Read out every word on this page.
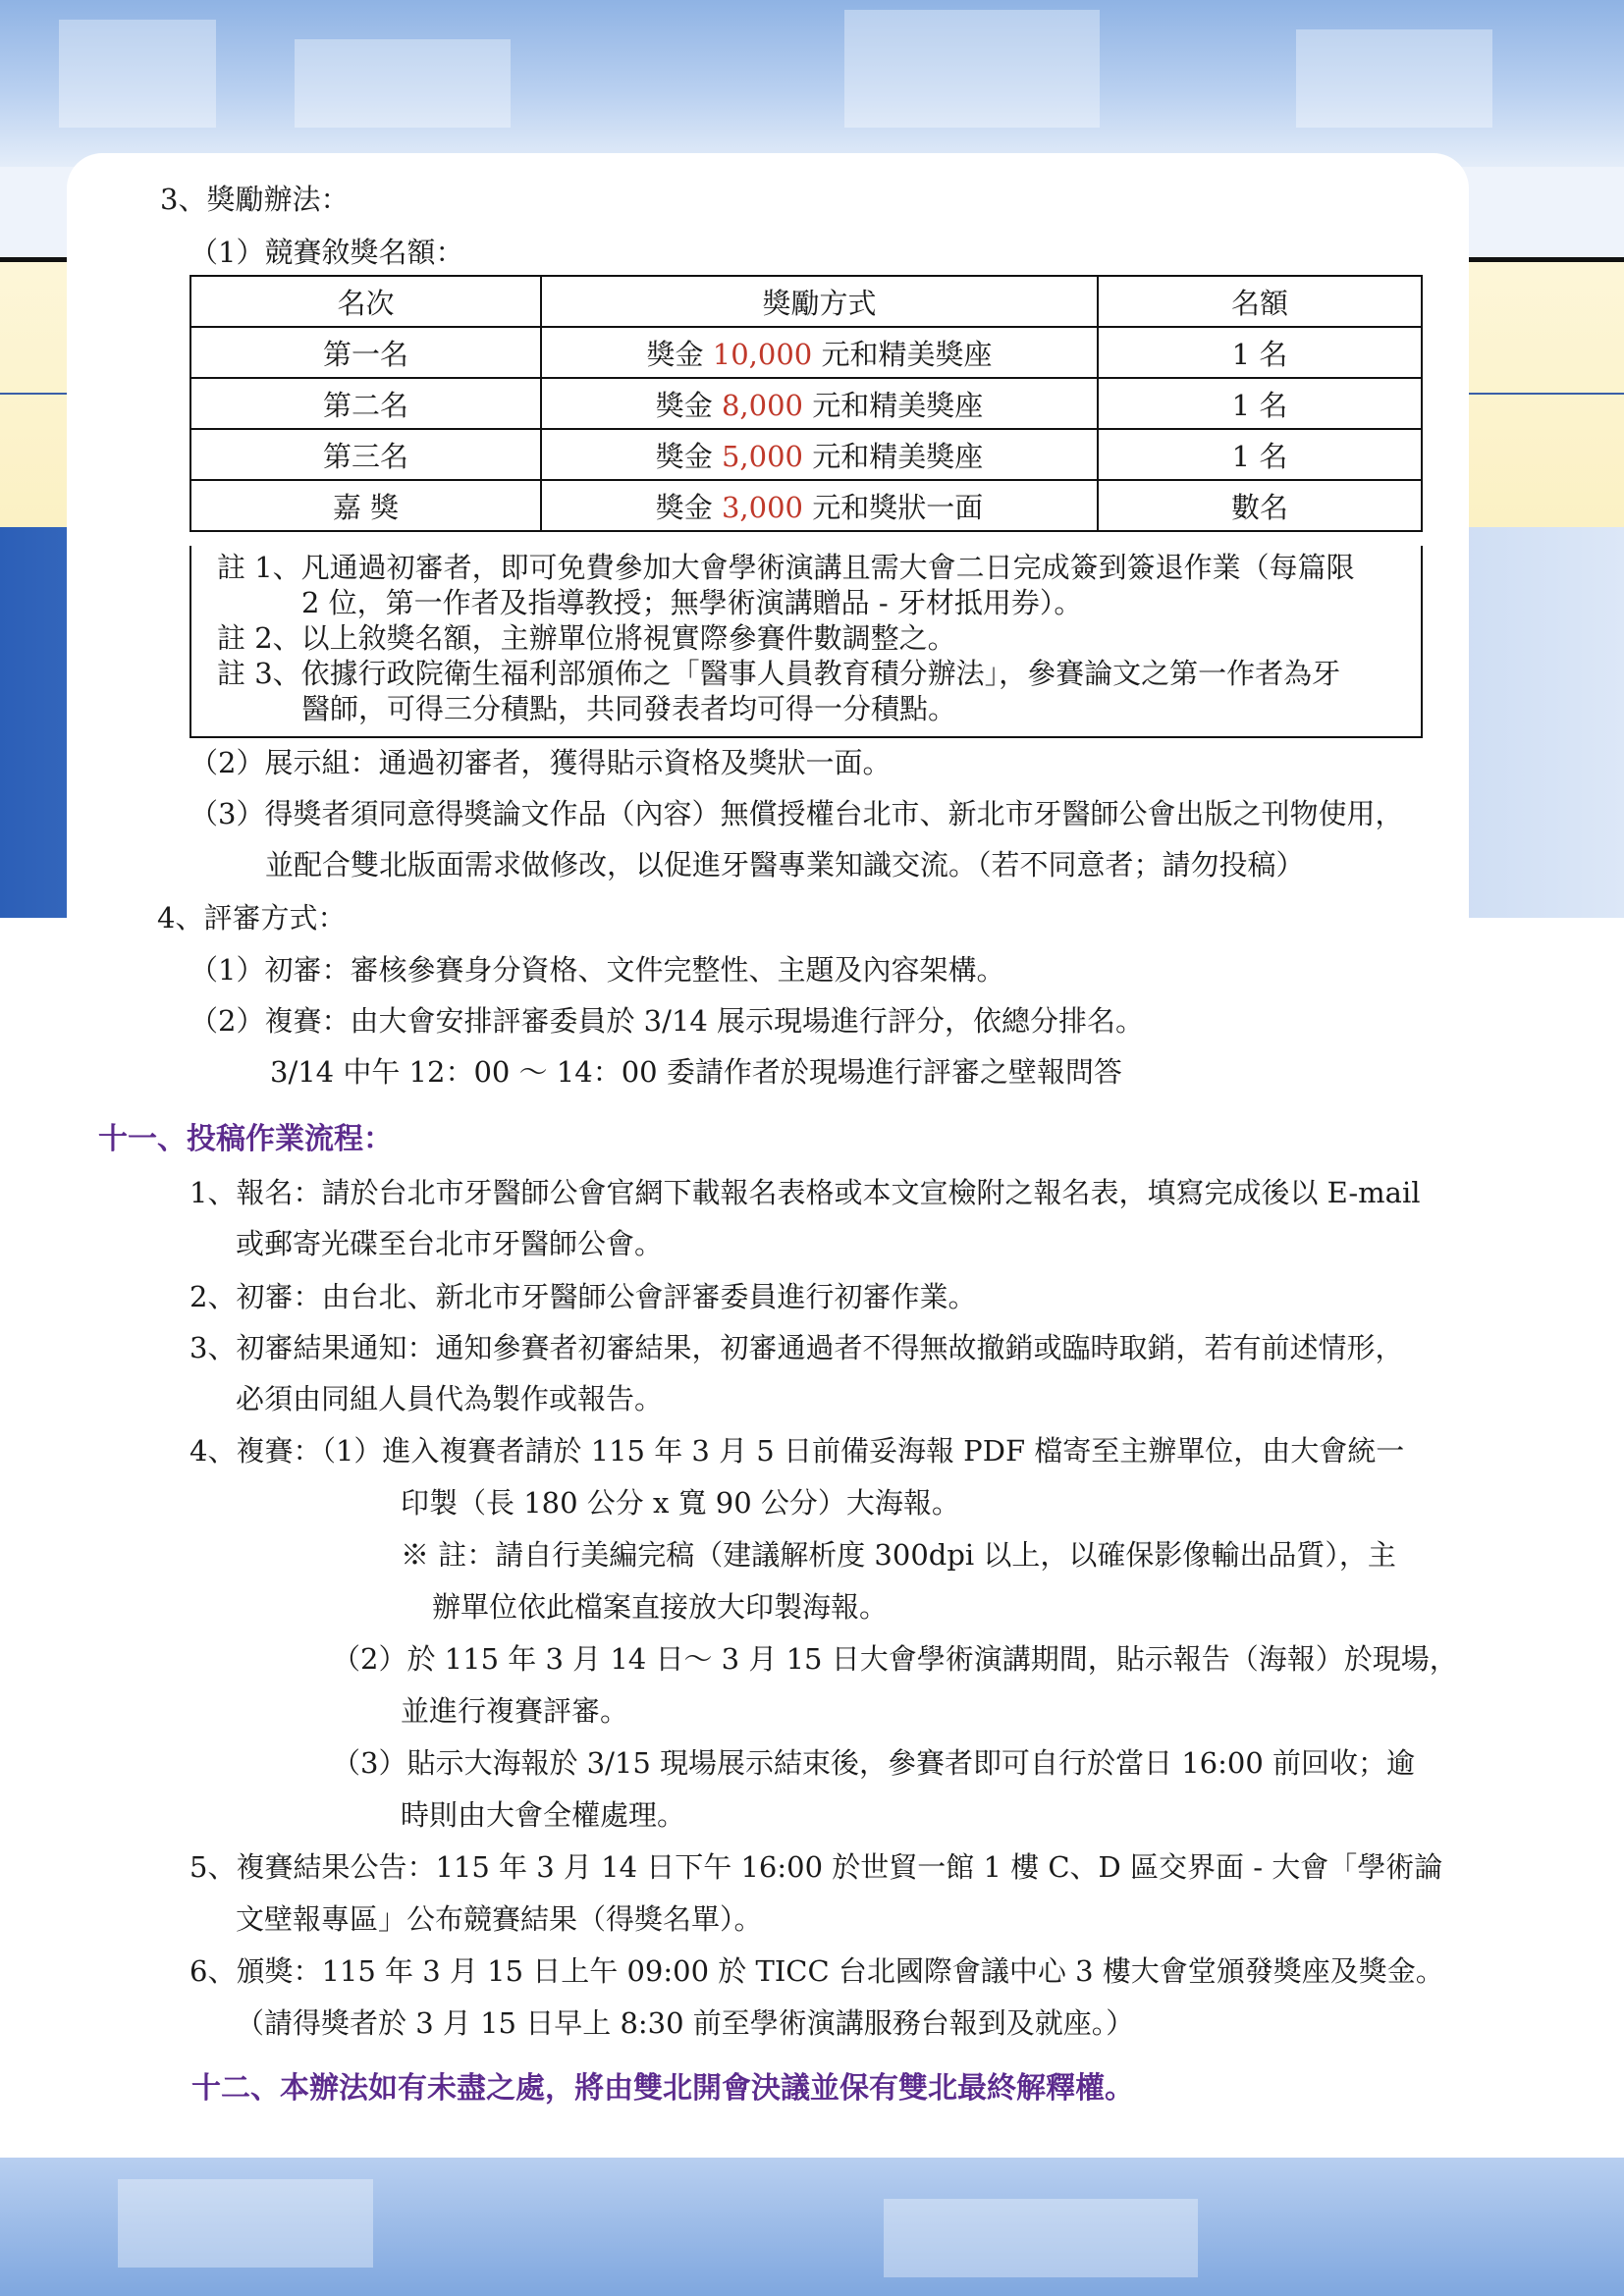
3、獎勵辦法：
（1）競賽敘獎名額：
名次	獎勵方式	名額
第一名	獎金 10,000 元和精美獎座	1 名
第二名	獎金 8,000 元和精美獎座	1 名
第三名	獎金 5,000 元和精美獎座	1 名
嘉 獎	獎金 3,000 元和獎狀一面	數名
註 1、凡通過初審者，即可免費參加大會學術演講且需大會二日完成簽到簽退作業（每篇限
2 位，第一作者及指導教授；無學術演講贈品 - 牙材抵用券）。
註 2、以上敘獎名額，主辦單位將視實際參賽件數調整之。
註 3、依據行政院衛生福利部頒佈之「醫事人員教育積分辦法」，參賽論文之第一作者為牙
醫師，可得三分積點，共同發表者均可得一分積點。
（2）展示組：通過初審者，獲得貼示資格及獎狀一面。
（3）得獎者須同意得獎論文作品（內容）無償授權台北市、新北市牙醫師公會出版之刊物使用，
並配合雙北版面需求做修改，以促進牙醫專業知識交流。（若不同意者；請勿投稿）
4、評審方式：
（1）初審：審核參賽身分資格、文件完整性、主題及內容架構。
（2）複賽：由大會安排評審委員於 3/14 展示現場進行評分，依總分排名。
3/14 中午 12：00 ～ 14：00 委請作者於現場進行評審之壁報問答
十一、投稿作業流程：
1、報名：請於台北市牙醫師公會官網下載報名表格或本文宣檢附之報名表，填寫完成後以 E-mail
或郵寄光碟至台北市牙醫師公會。
2、初審：由台北、新北市牙醫師公會評審委員進行初審作業。
3、初審結果通知：通知參賽者初審結果，初審通過者不得無故撤銷或臨時取銷，若有前述情形，
必須由同組人員代為製作或報告。
4、複賽：（1）進入複賽者請於 115 年 3 月 5 日前備妥海報 PDF 檔寄至主辦單位，由大會統一
印製（長 180 公分 x 寬 90 公分）大海報。
※ 註：請自行美編完稿（建議解析度 300dpi 以上，以確保影像輸出品質），主
辦單位依此檔案直接放大印製海報。
（2）於 115 年 3 月 14 日～ 3 月 15 日大會學術演講期間，貼示報告（海報）於現場，
並進行複賽評審。
（3）貼示大海報於 3/15 現場展示結束後，參賽者即可自行於當日 16:00 前回收；逾
時則由大會全權處理。
5、複賽結果公告：115 年 3 月 14 日下午 16:00 於世貿一館 1 樓 C、D 區交界面 - 大會「學術論
文壁報專區」公布競賽結果（得獎名單）。
6、頒獎：115 年 3 月 15 日上午 09:00 於 TICC 台北國際會議中心 3 樓大會堂頒發獎座及獎金。
（請得獎者於 3 月 15 日早上 8:30 前至學術演講服務台報到及就座。）
十二、本辦法如有未盡之處，將由雙北開會決議並保有雙北最終解釋權。
